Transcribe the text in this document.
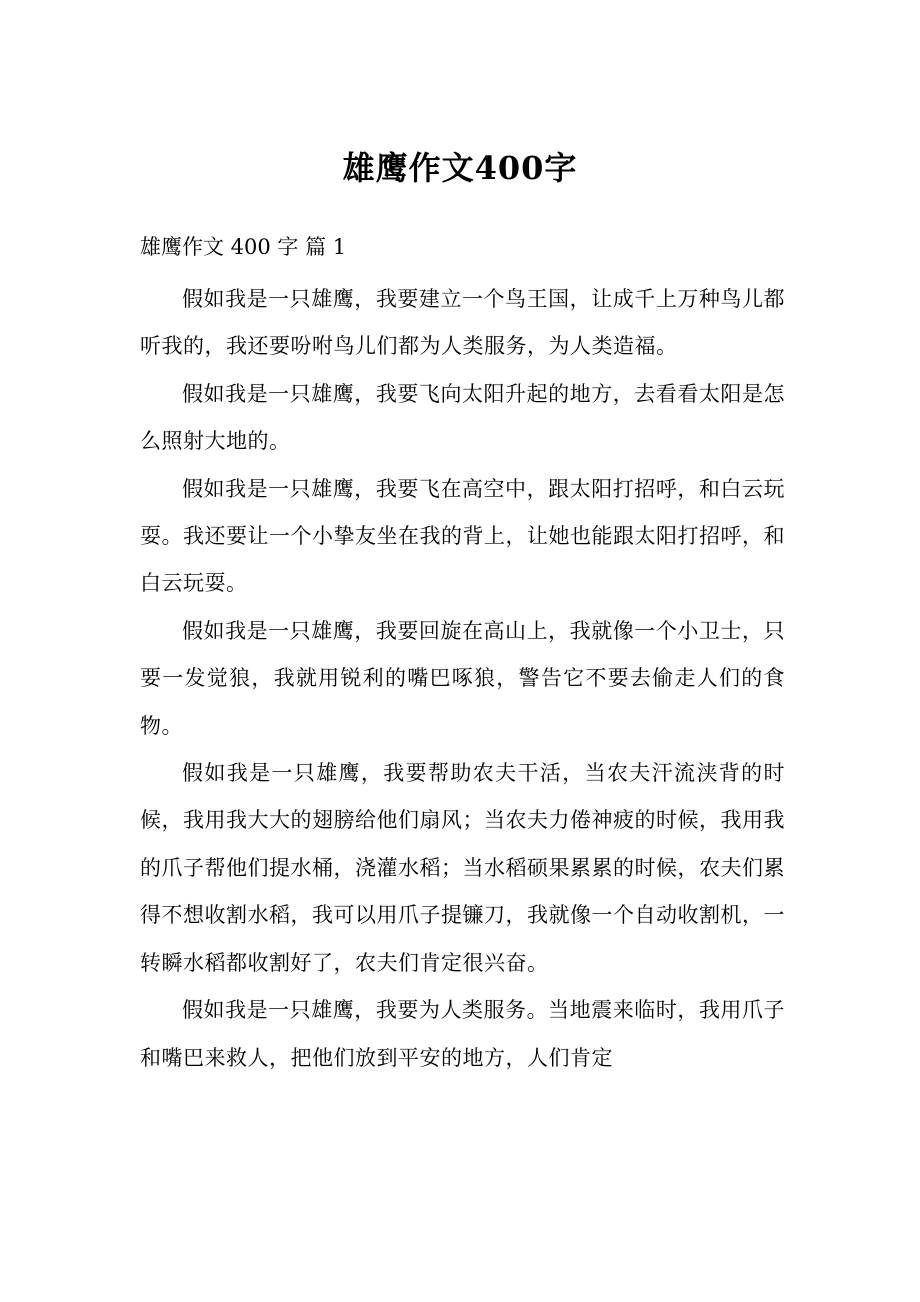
雄鹰作文400字
雄鹰作文 400 字 篇 1

假如我是一只雄鹰，我要建立一个鸟王国，让成千上万种鸟儿都听我的，我还要吩咐鸟儿们都为人类服务，为人类造福。

假如我是一只雄鹰，我要飞向太阳升起的地方，去看看太阳是怎么照射大地的。

假如我是一只雄鹰，我要飞在高空中，跟太阳打招呼，和白云玩耍。我还要让一个小挚友坐在我的背上，让她也能跟太阳打招呼，和白云玩耍。

假如我是一只雄鹰，我要回旋在高山上，我就像一个小卫士，只要一发觉狼，我就用锐利的嘴巴啄狼，警告它不要去偷走人们的食物。

假如我是一只雄鹰，我要帮助农夫干活，当农夫汗流浃背的时候，我用我大大的翅膀给他们扇风；当农夫力倦神疲的时候，我用我的爪子帮他们提水桶，浇灌水稻；当水稻硕果累累的时候，农夫们累得不想收割水稻，我可以用爪子提镰刀，我就像一个自动收割机，一转瞬水稻都收割好了，农夫们肯定很兴奋。

假如我是一只雄鹰，我要为人类服务。当地震来临时，我用爪子和嘴巴来救人，把他们放到平安的地方，人们肯定
